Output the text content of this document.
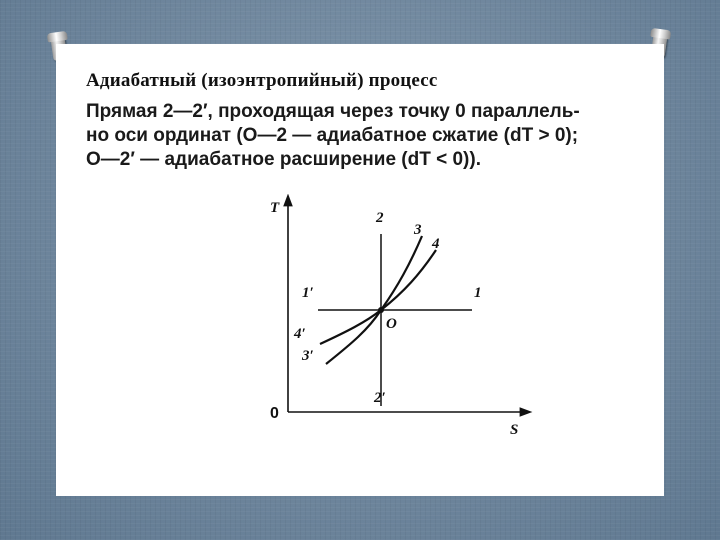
Адиабатный (изоэнтропийный) процесс

Прямая 2—2′, проходящая через точку 0 параллель-
но оси ординат (O—2 — адиабатное сжатие (dT > 0);
O—2′ — адиабатное расширение (dT < 0)).

T
S
0
2
2′
1′	1
3
4
4′
3′
O
